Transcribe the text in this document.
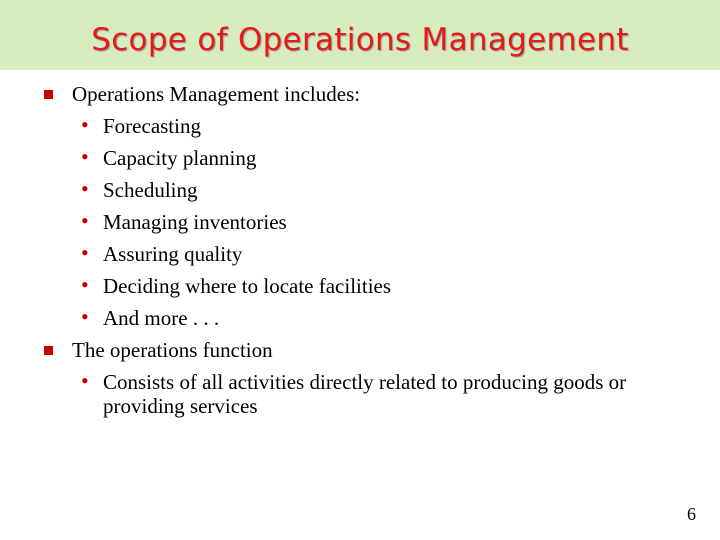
Scope of Operations Management
Operations Management includes:
• Forecasting
• Capacity planning
• Scheduling
• Managing inventories
• Assuring quality
• Deciding where to locate facilities
• And more . . .
The operations function
• Consists of all activities directly related to producing goods or providing services
6
